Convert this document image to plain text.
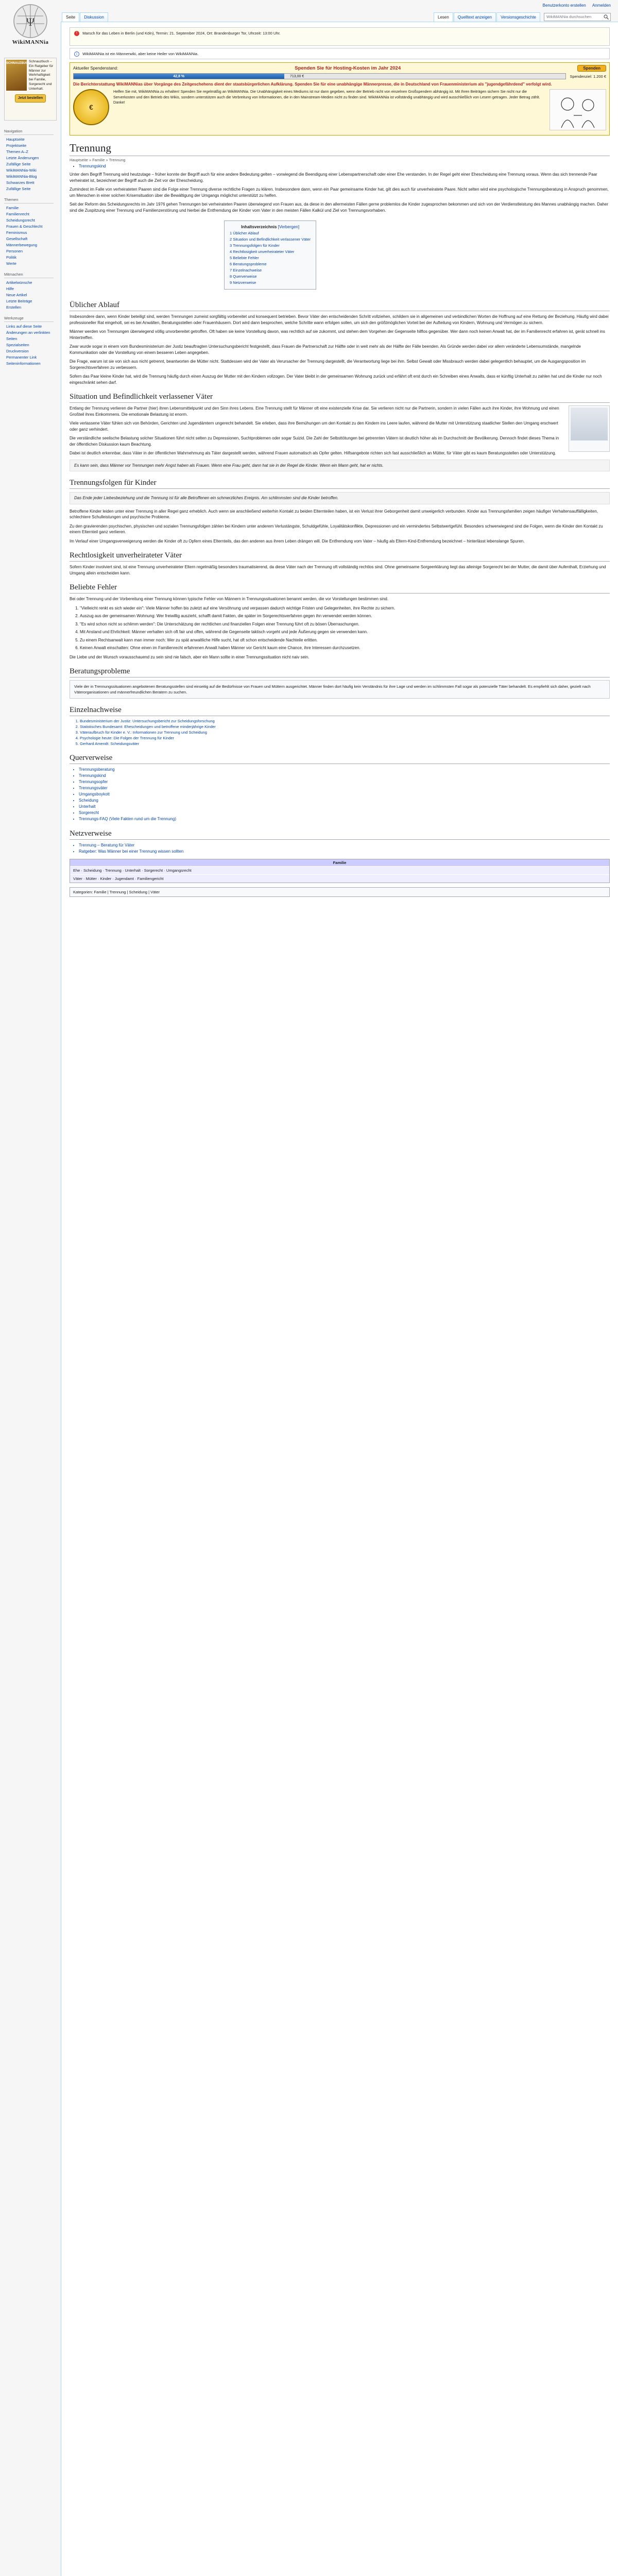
Benutzerkonto erstellen Anmelden
Ψ
WikiMANNia
SCHNAUZBUCH
Schnauzbuch – Ein Ratgeber für Männer zur Wehrhaftigkeit bei Familie, Sorgerecht und Unterhalt.
Jetzt bestellen
Navigation
Hauptseite
Projektseite
Themen A–Z
Letzte Änderungen
Zufällige Seite
WikiMANNia-Wiki
WikiMANNia-Blog
Schwarzes Brett
Zufällige Seite
Themen
Familie
Familienrecht
Scheidungsrecht
Frauen & Geschlecht
Feminismus
Gesellschaft
Männerbewegung
Personen
Politik
Werte
Mitmachen
Artikelwünsche
Hilfe
Neue Artikel
Letzte Beiträge
Erstellen
Werkzeuge
Links auf diese Seite
Änderungen an verlinkten Seiten
Spezialseiten
Druckversion
Permanenter Link
Seiteninformationen
Seite	Diskussion	Lesen	Quelltext anzeigen	Versionsgeschichte	WikiMANNia durchsuchen
! Marsch für das Leben in Berlin (und Köln), Termin: 21. September 2024, Ort: Brandenburger Tor, Uhrzeit: 13:00 Uhr.
i WikiMANNia ist ein Männerwiki, aber keine Heiler von WikiMANNia.
Aktueller Spendenstand:	Spenden Sie für Hosting-Kosten im Jahr 2024	Spenden
42,8 %	713,00 €	Spendenziel: 1.200 €
Die Berichterstattung WikiMANNias über Vorgänge des Zeitgeschehens dient der staatsbürgerlichen Aufklärung. Spenden Sie für eine unabhängige Männerpresse, die in Deutschland von Frauenministerium als "jugendgefährdend" verfolgt wird.
€
Helfen Sie mit, WikiMANNia zu erhalten! Spenden Sie regelmäßig an WikiMANNia. Die Unabhängigkeit eines Mediums ist nur dann gegeben, wenn der Betrieb nicht von einzelnen Großspendern abhängig ist. Mit Ihren Beiträgen sichern Sie nicht nur die Serverkosten und den Betrieb des Wikis, sondern unterstützen auch die Verbreitung von Informationen, die in den Mainstream-Medien nicht zu finden sind. WikiMANNia ist vollständig unabhängig und wird ausschließlich von Lesern getragen. Jeder Betrag zählt. Danke!
Trennung
Hauptseite » Familie » Trennung
• Trennungskind

Unter dem Begriff Trennung wird heutzutage – früher konnte der Begriff auch für eine andere Bedeutung gelten – vorwiegend die Beendigung einer Lebenspartnerschaft oder einer Ehe verstanden. In der Regel geht einer Ehescheidung eine Trennung voraus. Wenn das sich trennende Paar verheiratet ist, bezeichnet der Begriff auch die Zeit vor der Ehescheidung.

Zumindest im Falle von verheirateten Paaren sind die Folge einer Trennung diverse rechtliche Fragen zu klären. Insbesondere dann, wenn ein Paar gemeinsame Kinder hat, gilt dies auch für unverheiratete Paare. Nicht selten wird eine psychologische Trennungsberatung in Anspruch genommen, um Menschen in einer solchen Krisensituation über die Bewältigung der Umgangs möglichst unterstützt zu helfen.

Seit der Reform des Scheidungsrechts im Jahr 1976 gehen Trennungen bei verheirateten Paaren überwiegend von Frauen aus, da diese in den allermeisten Fällen gerne problemlos die Kinder zugesprochen bekommen und sich von der Verdienstleistung des Mannes unabhängig machen. Daher sind die Zuspitzung einer Trennung und Familienzerstörung und hierbei die Entfremdung der Kinder vom Vater in den meisten Fällen Kalkül und Ziel von Trennungsvorhaben.

Inhaltsverzeichnis [Verbergen]
1 Üblicher Ablauf
2 Situation und Befindlichkeit verlassener Väter
3 Trennungsfolgen für Kinder
4 Rechtlosigkeit unverheirateter Väter
5 Beliebte Fehler
6 Beratungsprobleme
7 Einzelnachweise
8 Querverweise
9 Netzverweise
Üblicher Ablauf

Insbesondere dann, wenn Kinder beteiligt sind, werden Trennungen zumeist sorgfältig vorbereitet und konsequent betrieben. Bevor Väter den entscheidenden Schritt vollziehen, schildern sie in allgemeinen und verbindlichen Worten die Hoffnung auf eine Rettung der Beziehung. Häufig wird dabei professioneller Rat eingeholt, sei es bei Anwälten, Beratungsstellen oder Frauenhäusern. Dort wird dann besprochen, welche Schritte wann erfolgen sollen, um sich den größtmöglichen Vorteil bei der Aufteilung von Kindern, Wohnung und Vermögen zu sichern.

Männer werden von Trennungen überwiegend völlig unvorbereitet getroffen. Oft haben sie keine Vorstellung davon, was rechtlich auf sie zukommt, und stehen dem Vorgehen der Gegenseite hilflos gegenüber. Wer dann noch keinen Anwalt hat, der im Familienrecht erfahren ist, gerät schnell ins Hintertreffen.

Zwar wurde sogar in einem vom Bundesministerium der Justiz beauftragten Untersuchungsbericht festgestellt, dass Frauen die Partnerschaft zur Hälfte oder in weit mehr als der Hälfte der Fälle beenden. Als Gründe werden dabei vor allem veränderte Lebensumstände, mangelnde Kommunikation oder die Vorstellung von einem besseren Leben angegeben.

Die Frage, warum ist sie von sich aus nicht getrennt, beantworten die Mütter nicht. Stattdessen wird der Vater als Verursacher der Trennung dargestellt, die Verantwortung liege bei ihm. Selbst Gewalt oder Missbrauch werden dabei gelegentlich behauptet, um die Ausgangsposition im Sorgerechtsverfahren zu verbessern.

Sofern das Paar kleine Kinder hat, wird die Trennung häufig durch einen Auszug der Mutter mit den Kindern vollzogen. Der Vater bleibt in der gemeinsamen Wohnung zurück und erfährt oft erst durch ein Schreiben eines Anwalts, dass er künftig Unterhalt zu zahlen hat und die Kinder nur noch eingeschränkt sehen darf.

Situation und Befindlichkeit verlassener Väter

Entlang der Trennung verlieren die Partner (hier) ihren Lebensmittelpunkt und den Sinn ihres Lebens. Eine Trennung stellt für Männer oft eine existenzielle Krise dar. Sie verlieren nicht nur die Partnerin, sondern in vielen Fällen auch ihre Kinder, ihre Wohnung und einen Großteil ihres Einkommens. Die emotionale Belastung ist enorm.

Viele verlassene Väter fühlen sich von Behörden, Gerichten und Jugendämtern ungerecht behandelt. Sie erleben, dass ihre Bemühungen um den Kontakt zu den Kindern ins Leere laufen, während die Mutter mit Unterstützung staatlicher Stellen den Umgang erschwert oder ganz verhindert.

Die verständliche seelische Belastung solcher Situationen führt nicht selten zu Depressionen, Suchtproblemen oder sogar Suizid. Die Zahl der Selbsttötungen bei getrennten Vätern ist deutlich höher als im Durchschnitt der Bevölkerung. Dennoch findet dieses Thema in der öffentlichen Diskussion kaum Beachtung.

Dabei ist deutlich erkennbar, dass Väter in der öffentlichen Wahrnehmung als Täter dargestellt werden, während Frauen automatisch als Opfer gelten. Hilfsangebote richten sich fast ausschließlich an Mütter, für Väter gibt es kaum Beratungsstellen oder Unterstützung.

Es kann sein, dass Männer vor Trennungen mehr Angst haben als Frauen. Wenn eine Frau geht, dann hat sie in der Regel die Kinder. Wenn ein Mann geht, hat er nichts.
Trennungsfolgen für Kinder
Das Ende jeder Liebesbeziehung und die Trennung ist für alle Betroffenen ein schmerzliches Ereignis. Am schlimmsten sind die Kinder betroffen.

Betroffene Kinder leiden unter einer Trennung in aller Regel ganz erheblich. Auch wenn sie anschließend weiterhin Kontakt zu beiden Elternteilen haben, ist ein Verlust ihrer Geborgenheit damit unweigerlich verbunden. Kinder aus Trennungsfamilien zeigen häufiger Verhaltensauffälligkeiten, schlechtere Schulleistungen und psychische Probleme.

Zu den gravierenden psychischen, physischen und sozialen Trennungsfolgen zählen bei Kindern unter anderem Verlustängste, Schuldgefühle, Loyalitätskonflikte, Depressionen und ein vermindertes Selbstwertgefühl. Besonders schwerwiegend sind die Folgen, wenn die Kinder den Kontakt zu einem Elternteil ganz verlieren.

Im Verlauf einer Umgangsverweigerung werden die Kinder oft zu Opfern eines Elternteils, das den anderen aus ihrem Leben drängen will. Die Entfremdung vom Vater – häufig als Eltern-Kind-Entfremdung bezeichnet – hinterlässt lebenslange Spuren.

Rechtlosigkeit unverheirateter Väter

Sofern Kinder involviert sind, ist eine Trennung unverheirateter Eltern regelmäßig besonders traumatisierend, da diese Väter nach der Trennung oft vollständig rechtlos sind. Ohne gemeinsame Sorgeerklärung liegt das alleinige Sorgerecht bei der Mutter, die damit über Aufenthalt, Erziehung und Umgang allein entscheiden kann.

Beliebte Fehler

Bei oder Trennung und der Vorbereitung einer Trennung können typische Fehler von Männern in Trennungssituationen benannt werden, die vor Vorstellungen bestimmen sind.

1. "Vielleicht renkt es sich wieder ein": Viele Männer hoffen bis zuletzt auf eine Versöhnung und verpassen dadurch wichtige Fristen und Gelegenheiten, ihre Rechte zu sichern.
2. Auszug aus der gemeinsamen Wohnung: Wer freiwillig auszieht, schafft damit Fakten, die später im Sorgerechtsverfahren gegen ihn verwendet werden können.
3. "Es wird schon nicht so schlimm werden": Die Unterschätzung der rechtlichen und finanziellen Folgen einer Trennung führt oft zu bösen Überraschungen.
4. Mit Anstand und Ehrlichkeit: Männer verhalten sich oft fair und offen, während die Gegenseite taktisch vorgeht und jede Äußerung gegen sie verwenden kann.
5. Zu einem Rechtsanwalt kann man immer noch: Wer zu spät anwaltliche Hilfe sucht, hat oft schon entscheidende Nachteile erlitten.
6. Keinen Anwalt einschalten: Ohne einen im Familienrecht erfahrenen Anwalt haben Männer vor Gericht kaum eine Chance, ihre Interessen durchzusetzen.

Die Liebe und der Wunsch vorausschauend zu sein sind nie falsch, aber ein Mann sollte in einer Trennungssituation nicht naiv sein.

Beratungsprobleme
Viele der in Trennungssituationen angebotenen Beratungsstellen sind einseitig auf die Bedürfnisse von Frauen und Müttern ausgerichtet. Männer finden dort häufig kein Verständnis für ihre Lage und werden im schlimmsten Fall sogar als potenzielle Täter behandelt. Es empfiehlt sich daher, gezielt nach Väterorganisationen und männerfreundlichen Beratern zu suchen.
Einzelnachweise
1. Bundesministerium der Justiz: Untersuchungsbericht zur Scheidungsforschung
2. Statistisches Bundesamt: Ehescheidungen und betroffene minderjährige Kinder
3. Väteraufbruch für Kinder e. V.: Informationen zur Trennung und Scheidung
4. Psychologie heute: Die Folgen der Trennung für Kinder
5. Gerhard Amendt: Scheidungsväter
Querverweise
• Trennungsberatung
• Trennungskind
• Trennungsopfer
• Trennungsväter
• Umgangsboykott
• Scheidung
• Unterhalt
• Sorgerecht
• Trennungs-FAQ (Viele Fakten rund um die Trennung)
Netzverweise
• Trennung – Beratung für Väter
• Ratgeber: Was Männer bei einer Trennung wissen sollten
Familie
Ehe · Scheidung · Trennung · Unterhalt · Sorgerecht · Umgangsrecht
Väter · Mütter · Kinder · Jugendamt · Familiengericht
Kategorien: Familie | Trennung | Scheidung | Väter
